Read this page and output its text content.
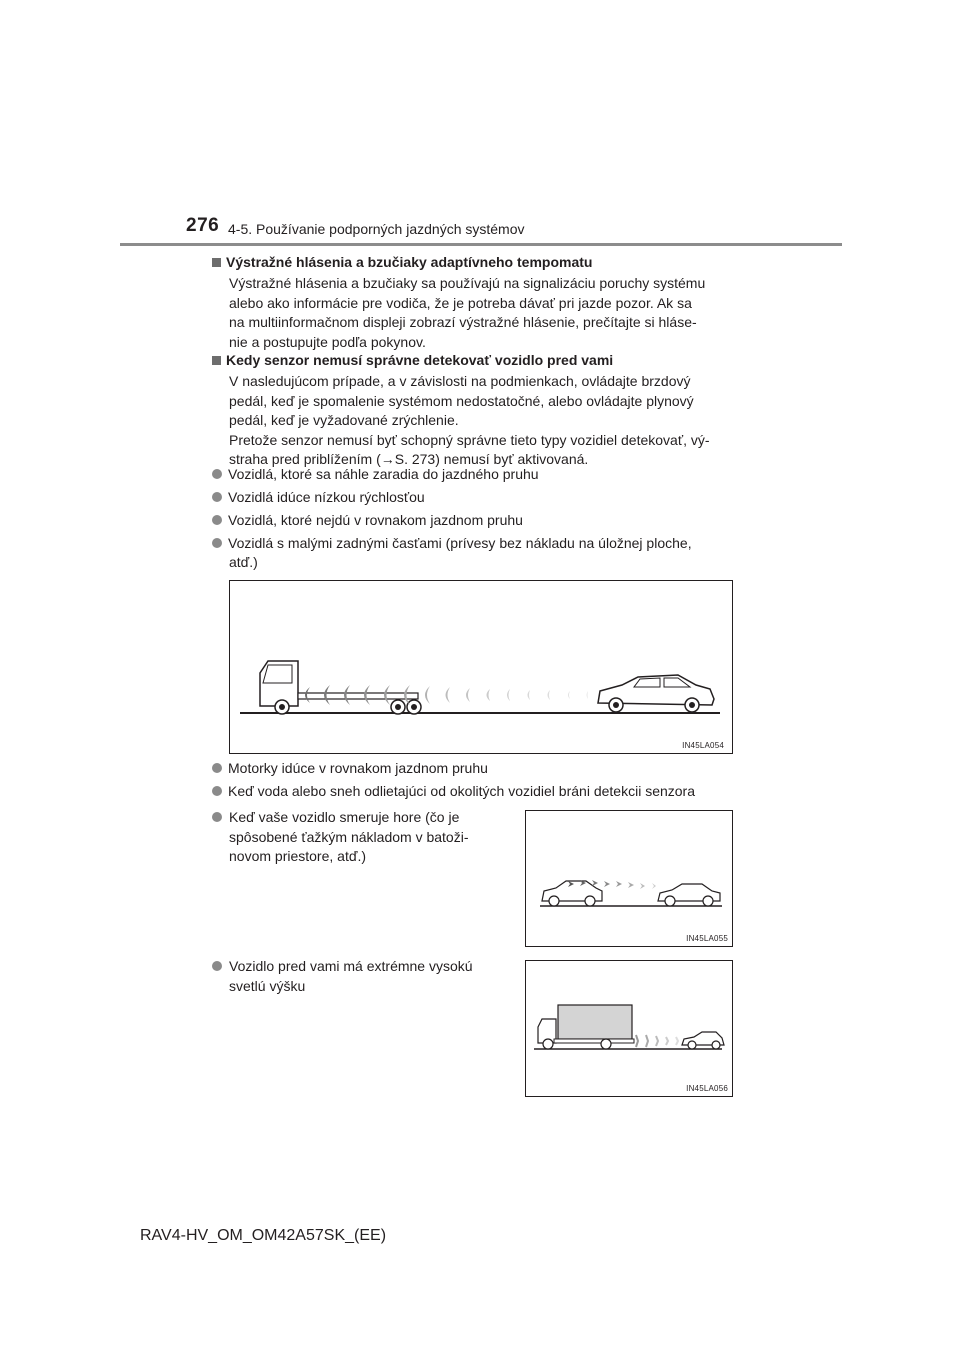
276 4-5. Používanie podporných jazdných systémov
Výstražné hlásenia a bzučiaky adaptívneho tempomatu
Výstražné hlásenia a bzučiaky sa používajú na signalizáciu poruchy systému
alebo ako informácie pre vodiča, že je potreba dávať pri jazde pozor. Ak sa
na multiinformačnom displeji zobrazí výstražné hlásenie, prečítajte si hláse-
nie a postupujte podľa pokynov.
Kedy senzor nemusí správne detekovať vozidlo pred vami
V nasledujúcom prípade, a v závislosti na podmienkach, ovládajte brzdový
pedál, keď je spomalenie systémom nedostatočné, alebo ovládajte plynový
pedál, keď je vyžadované zrýchlenie.
Pretože senzor nemusí byť schopný správne tieto typy vozidiel detekovať, vý-
straha pred priblížením (→S. 273) nemusí byť aktivovaná.
Vozidlá, ktoré sa náhle zaradia do jazdného pruhu
Vozidlá idúce nízkou rýchlosťou
Vozidlá, ktoré nejdú v rovnakom jazdnom pruhu
Vozidlá s malými zadnými časťami (prívesy bez nákladu na úložnej ploche,
atď.)
IN45LA054
Motorky idúce v rovnakom jazdnom pruhu
Keď voda alebo sneh odlietajúci od okolitých vozidiel bráni detekcii senzora
Keď vaše vozidlo smeruje hore (čo je
spôsobené ťažkým nákladom v batoži-
novom priestore, atď.)
IN45LA055
Vozidlo pred vami má extrémne vysokú
svetlú výšku
IN45LA056
RAV4-HV_OM_OM42A57SK_(EE)
